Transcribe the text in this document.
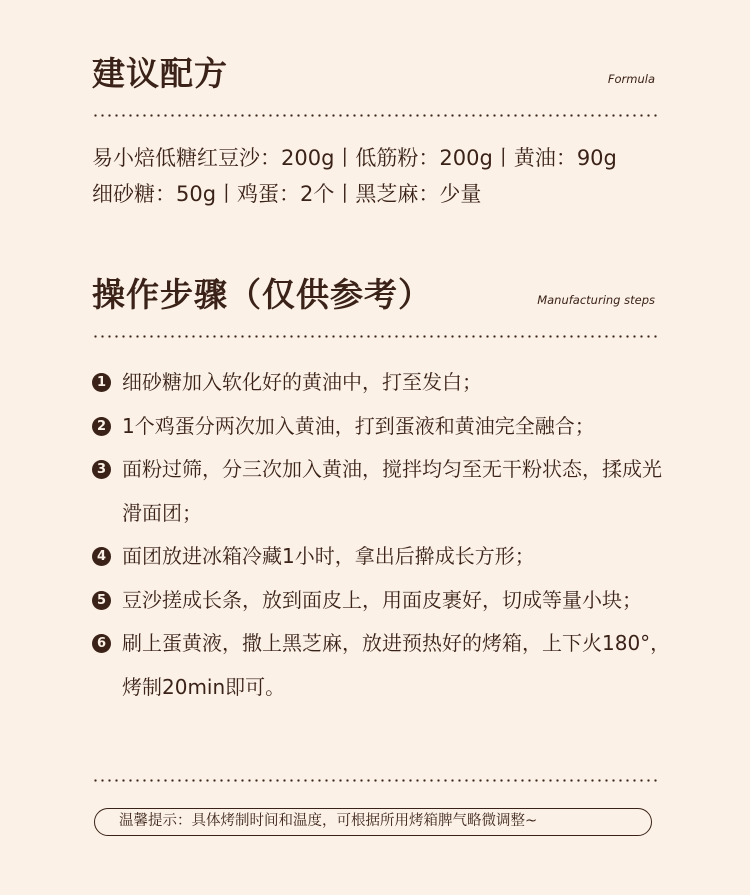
建议配方	Formula
易小焙低糖红豆沙：200g丨低筋粉：200g丨黄油：90g
细砂糖：50g丨鸡蛋：2个丨黑芝麻：少量
操作步骤（仅供参考）	Manufacturing steps
1 细砂糖加入软化好的黄油中，打至发白；
2 1个鸡蛋分两次加入黄油，打到蛋液和黄油完全融合；
3 面粉过筛，分三次加入黄油，搅拌均匀至无干粉状态，揉成光滑面团；
4 面团放进冰箱冷藏1小时，拿出后擀成长方形；
5 豆沙搓成长条，放到面皮上，用面皮裹好，切成等量小块；
6 刷上蛋黄液，撒上黑芝麻，放进预热好的烤箱，上下火180°，烤制20min即可。
温馨提示：具体烤制时间和温度，可根据所用烤箱脾气略微调整~
